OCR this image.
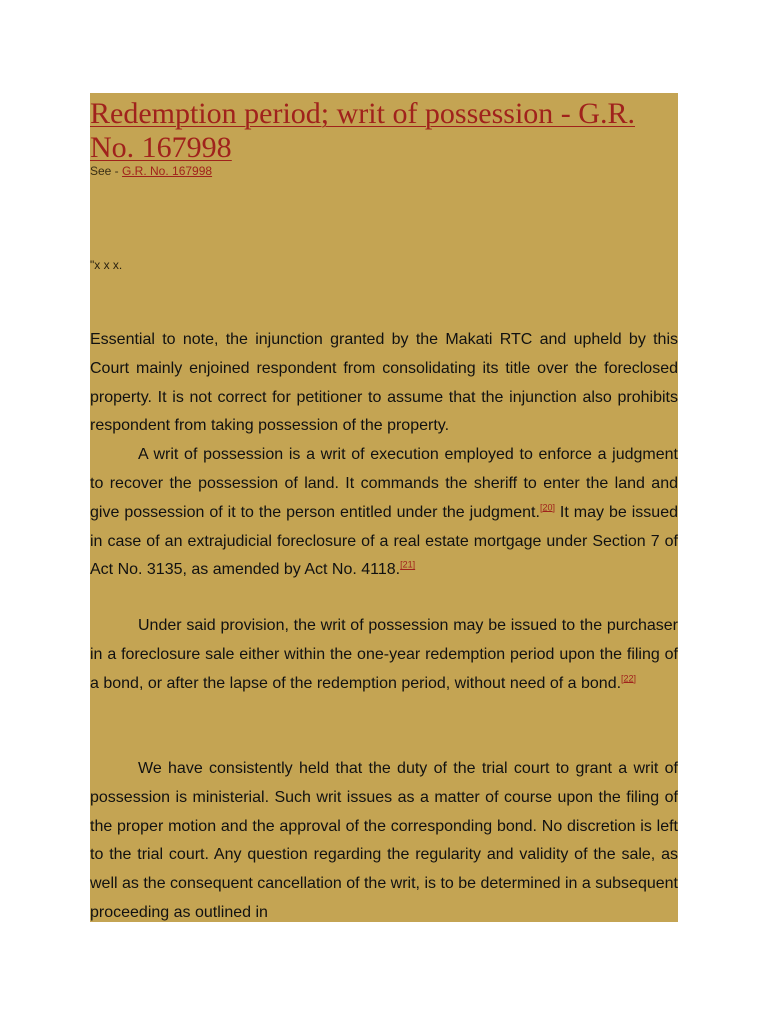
Redemption period; writ of possession - G.R. No. 167998
See - G.R. No. 167998
"x x x.

Essential to note, the injunction granted by the Makati RTC and upheld by this Court mainly enjoined respondent from consolidating its title over the foreclosed property. It is not correct for petitioner to assume that the injunction also prohibits respondent from taking possession of the property.

A writ of possession is a writ of execution employed to enforce a judgment to recover the possession of land. It commands the sheriff to enter the land and give possession of it to the person entitled under the judgment.[20] It may be issued in case of an extrajudicial foreclosure of a real estate mortgage under Section 7 of Act No. 3135, as amended by Act No. 4118.[21]

Under said provision, the writ of possession may be issued to the purchaser in a foreclosure sale either within the one-year redemption period upon the filing of a bond, or after the lapse of the redemption period, without need of a bond.[22]

We have consistently held that the duty of the trial court to grant a writ of possession is ministerial. Such writ issues as a matter of course upon the filing of the proper motion and the approval of the corresponding bond. No discretion is left to the trial court. Any question regarding the regularity and validity of the sale, as well as the consequent cancellation of the writ, is to be determined in a subsequent proceeding as outlined in
